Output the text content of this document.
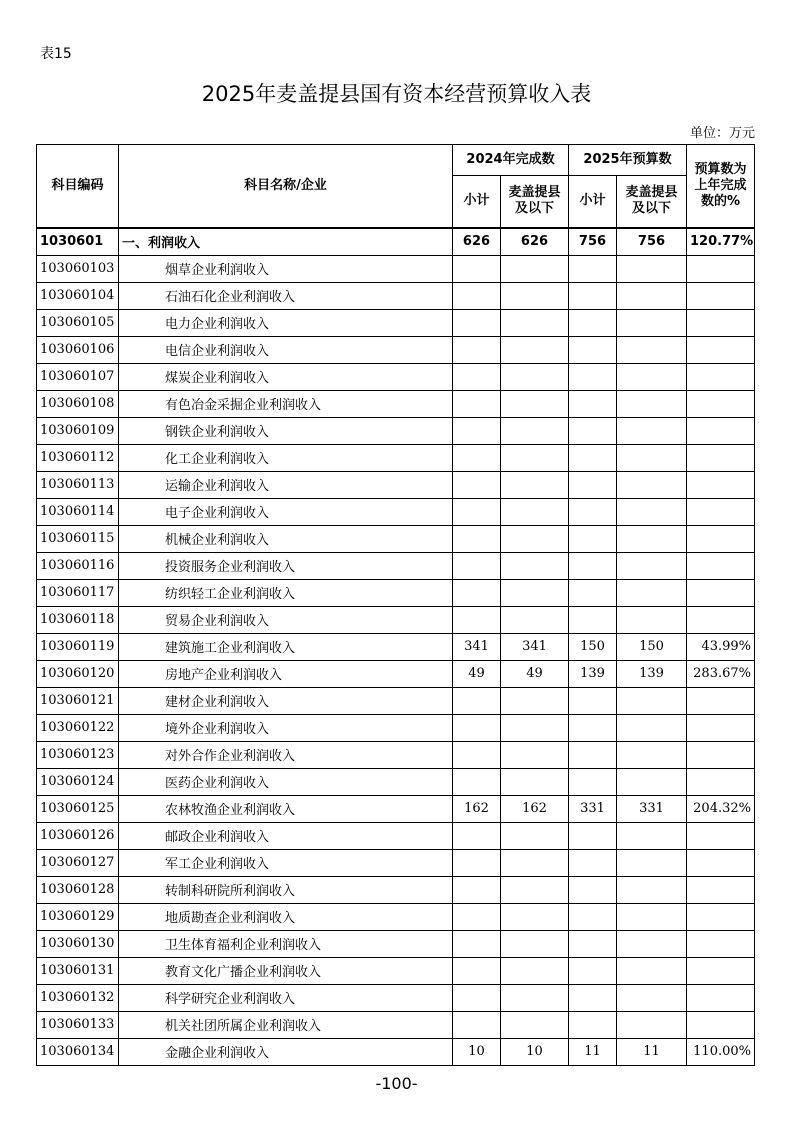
表15
2025年麦盖提县国有资本经营预算收入表
单位：万元
科目编码	科目名称/企业	2024年完成数		2025年预算数		预算数为上年完成数的%
		小计	麦盖提县及以下	小计	麦盖提县及以下	
1030601	一、利润收入	626	626	756	756	120.77%
103060103	烟草企业利润收入					
103060104	石油石化企业利润收入					
103060105	电力企业利润收入					
103060106	电信企业利润收入					
103060107	煤炭企业利润收入					
103060108	有色冶金采掘企业利润收入					
103060109	钢铁企业利润收入					
103060112	化工企业利润收入					
103060113	运输企业利润收入					
103060114	电子企业利润收入					
103060115	机械企业利润收入					
103060116	投资服务企业利润收入					
103060117	纺织轻工企业利润收入					
103060118	贸易企业利润收入					
103060119	建筑施工企业利润收入	341	341	150	150	43.99%
103060120	房地产企业利润收入	49	49	139	139	283.67%
103060121	建材企业利润收入					
103060122	境外企业利润收入					
103060123	对外合作企业利润收入					
103060124	医药企业利润收入					
103060125	农林牧渔企业利润收入	162	162	331	331	204.32%
103060126	邮政企业利润收入					
103060127	军工企业利润收入					
103060128	转制科研院所利润收入					
103060129	地质勘查企业利润收入					
103060130	卫生体育福利企业利润收入					
103060131	教育文化广播企业利润收入					
103060132	科学研究企业利润收入					
103060133	机关社团所属企业利润收入					
103060134	金融企业利润收入	10	10	11	11	110.00%
-100-
